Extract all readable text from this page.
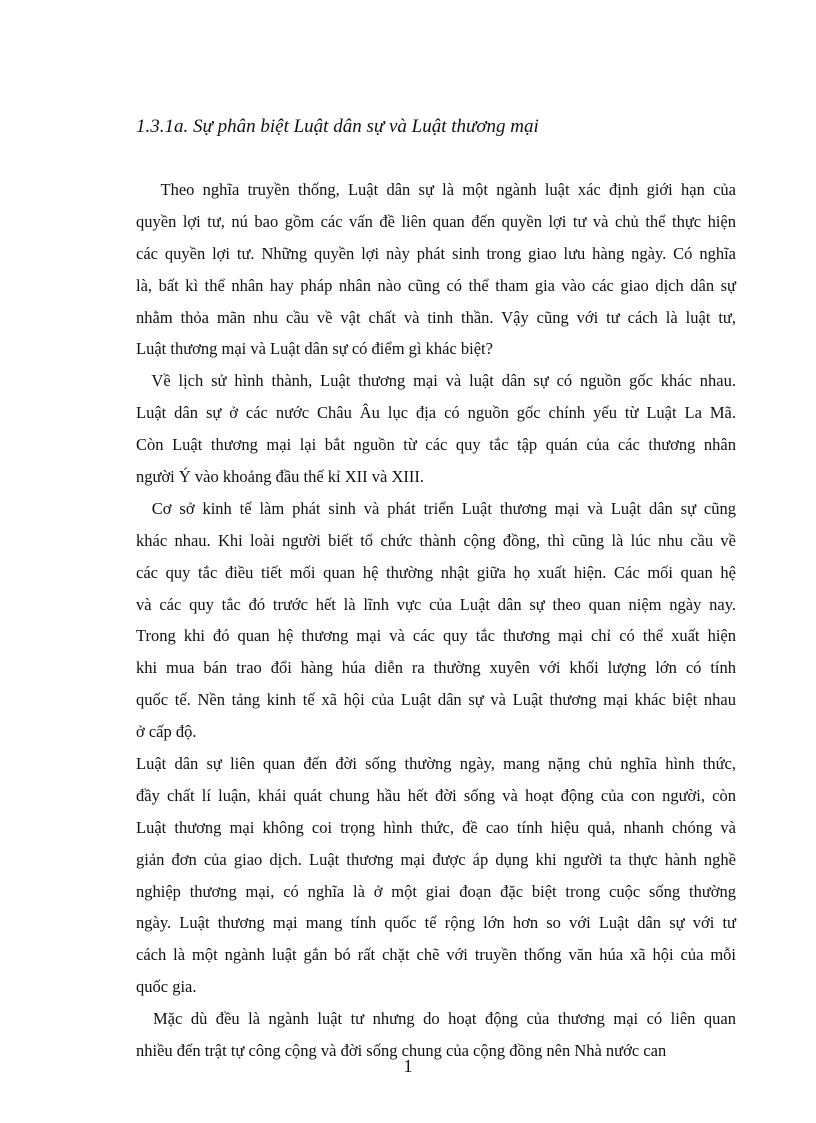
1.3.1a. Sự phân biệt Luật dân sự và Luật thương mại
Theo nghĩa truyền thống, Luật dân sự là một ngành luật xác định giới hạn của
quyền lợi tư, nú bao gồm các vấn đề liên quan đến quyền lợi tư và chủ thể thực hiện
các quyền lợi tư. Những quyền lợi này phát sinh trong giao lưu hàng ngày. Có nghĩa
là, bất kì thể nhân hay pháp nhân nào cũng có thể tham gia vào các giao dịch dân sự
nhằm thỏa mãn nhu cầu về vật chất và tinh thần. Vậy cũng với tư cách là luật tư,
Luật thương mại và Luật dân sự có điểm gì khác biệt?
Về lịch sử hình thành, Luật thương mại và luật dân sự có nguồn gốc khác nhau.
Luật dân sự ở các nước Châu Âu lục địa có nguồn gốc chính yếu từ Luật La Mã.
Còn Luật thương mại lại bắt nguồn từ các quy tắc tập quán của các thương nhân
người Ý vào khoảng đầu thế kỉ XII và XIII.
Cơ sở kinh tế làm phát sinh và phát triển Luật thương mại và Luật dân sự cũng
khác nhau. Khi loài người biết tổ chức thành cộng đồng, thì cũng là lúc nhu cầu về
các quy tắc điều tiết mối quan hệ thường nhật giữa họ xuất hiện. Các mối quan hệ
và các quy tắc đó trước hết là lĩnh vực của Luật dân sự theo quan niệm ngày nay.
Trong khi đó quan hệ thương mại và các quy tắc thương mại chỉ có thể xuất hiện
khi mua bán trao đổi hàng húa diễn ra thường xuyên với khối lượng lớn có tính
quốc tế. Nền tảng kinh tế xã hội của Luật dân sự và Luật thương mại khác biệt nhau
ở cấp độ.
Luật dân sự liên quan đến đời sống thường ngày, mang nặng chủ nghĩa hình thức,
đầy chất lí luận, khái quát chung hầu hết đời sống và hoạt động của con người, còn
Luật thương mại không coi trọng hình thức, đề cao tính hiệu quả, nhanh chóng và
giản đơn của giao dịch. Luật thương mại được áp dụng khi người ta thực hành nghề
nghiệp thương mại, có nghĩa là ở một giai đoạn đặc biệt trong cuộc sống thường
ngày. Luật thương mại mang tính quốc tế rộng lớn hơn so với Luật dân sự với tư
cách là một ngành luật gắn bó rất chặt chẽ với truyền thống văn húa xã hội của mỗi
quốc gia.
Mặc dù đều là ngành luật tư nhưng do hoạt động của thương mại có liên quan
nhiều đến trật tự công cộng và đời sống chung của cộng đồng nên Nhà nước can
1
